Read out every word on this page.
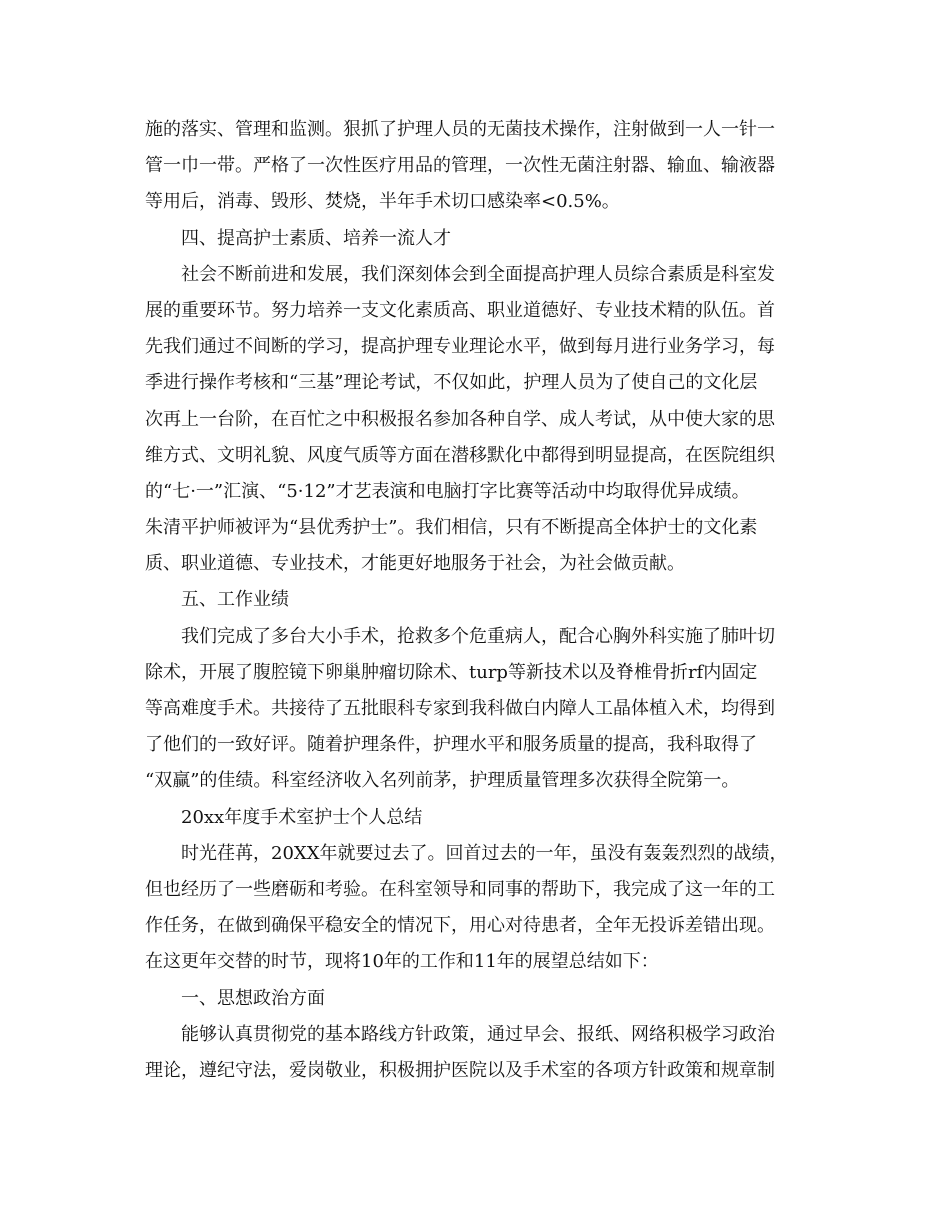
施的落实、管理和监测。狠抓了护理人员的无菌技术操作，注射做到一人一针一
管一巾一带。严格了一次性医疗用品的管理，一次性无菌注射器、输血、输液器
等用后，消毒、毁形、焚烧，半年手术切口感染率<0.5%。
四、提高护士素质、培养一流人才
社会不断前进和发展，我们深刻体会到全面提高护理人员综合素质是科室发
展的重要环节。努力培养一支文化素质高、职业道德好、专业技术精的队伍。首
先我们通过不间断的学习，提高护理专业理论水平，做到每月进行业务学习，每
季进行操作考核和“三基”理论考试，不仅如此，护理人员为了使自己的文化层
次再上一台阶，在百忙之中积极报名参加各种自学、成人考试，从中使大家的思
维方式、文明礼貌、风度气质等方面在潜移默化中都得到明显提高，在医院组织
的“七·一”汇演、“5·12”才艺表演和电脑打字比赛等活动中均取得优异成绩。
朱清平护师被评为“县优秀护士”。我们相信，只有不断提高全体护士的文化素
质、职业道德、专业技术，才能更好地服务于社会，为社会做贡献。
五、工作业绩
我们完成了多台大小手术，抢救多个危重病人，配合心胸外科实施了肺叶切
除术，开展了腹腔镜下卵巢肿瘤切除术、turp等新技术以及脊椎骨折rf内固定
等高难度手术。共接待了五批眼科专家到我科做白内障人工晶体植入术，均得到
了他们的一致好评。随着护理条件，护理水平和服务质量的提高，我科取得了
“双赢”的佳绩。科室经济收入名列前茅，护理质量管理多次获得全院第一。
20xx年度手术室护士个人总结
时光荏苒，20XX年就要过去了。回首过去的一年，虽没有轰轰烈烈的战绩，
但也经历了一些磨砺和考验。在科室领导和同事的帮助下，我完成了这一年的工
作任务，在做到确保平稳安全的情况下，用心对待患者，全年无投诉差错出现。
在这更年交替的时节，现将10年的工作和11年的展望总结如下：
一、思想政治方面
能够认真贯彻党的基本路线方针政策，通过早会、报纸、网络积极学习政治
理论，遵纪守法，爱岗敬业，积极拥护医院以及手术室的各项方针政策和规章制
